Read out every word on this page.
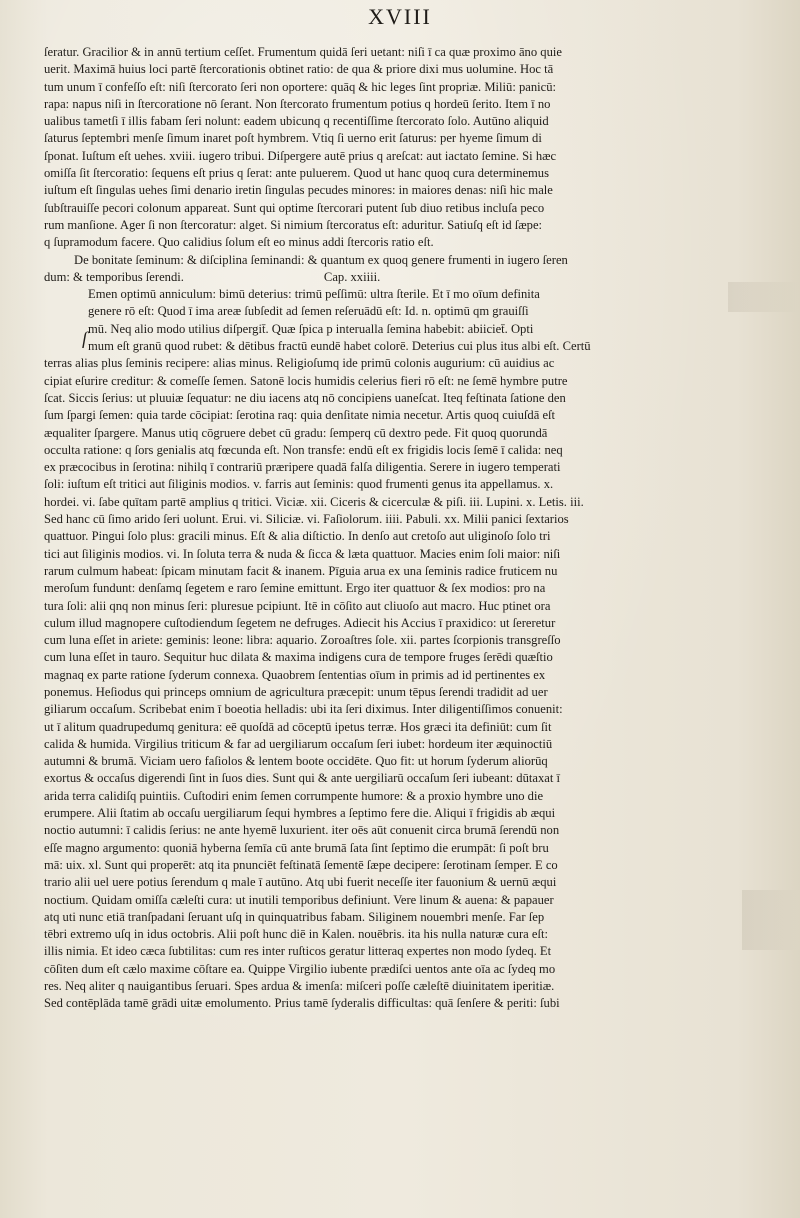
XVIII
ſ
ſeratur. Gracilior & in annū tertium ceſſet. Frumentum quidā ſeri uetant: niſi ī ca quæ proximo āno quie
uerit. Maximā huius loci partē ſtercorationis obtinet ratio: de qua & priore dixi mus uolumine. Hoc tā
tum unum ī confeſſo eſt: niſi ſtercorato ſeri non oportere: quāq & hic leges ſint propriæ. Miliū: panicū:
rapa: napus niſi in ſtercoratione nō ſerant. Non ſtercorato frumentum potius q hordeū ſerito. Item ī no
ualibus tametſi ī illis fabam ſeri nolunt: eadem ubicunq q recentiſſime ſtercorato ſolo. Autūno aliquid
ſaturus ſeptembri menſe ſimum inaret poſt hymbrem. Vtiq ſi uerno erit ſaturus: per hyeme ſimum di
ſponat. Iuſtum eſt uehes. xviii. iugero tribui. Diſpergere autē prius q areſcat: aut iactato ſemine. Si hæc
omiſſa ſit ſtercoratio: ſequens eſt prius q ſerat: ante puluerem. Quod ut hanc quoq cura determinemus
iuſtum eſt ſingulas uehes ſimi denario iretin ſingulas pecudes minores: in maiores denas: niſi hic male
ſubſtrauiſſe pecori colonum appareat. Sunt qui optime ſtercorari putent ſub diuo retibus incluſa peco
rum manſione. Ager ſi non ſtercoratur: alget. Si nimium ſtercoratus eſt: aduritur. Satiuſq eſt id ſæpe:
q ſupramodum facere. Quo calidius ſolum eſt eo minus addi ſtercoris ratio eſt.
De bonitate ſeminum: & diſciplina ſeminandi: & quantum ex quoq genere frumenti in iugero ſeren
dum: & temporibus ſerendi.	Cap. xxiiii.
Emen optimū anniculum: bimū deterius: trimū peſſimū: ultra ſterile. Et ī mo oīum definita
genere rō eſt: Quod ī ima areæ ſubſedit ad ſemen reſeruādū eſt: Id. n. optimū qm grauiſſi
mū. Neq alio modo utilius diſpergit̄. Quæ ſpica p interualla ſemina habebit: abiiciet̄. Opti
mum eſt granū quod rubet: & dētibus fractū eundē habet colorē. Deterius cui plus itus albi eſt. Certū
terras alias plus ſeminis recipere: alias minus. Religioſumq ide primū colonis augurium: cū auidius ac
cipiat eſurire creditur: & comeſſe ſemen. Satonē locis humidis celerius fieri rō eſt: ne ſemē hymbre putre
ſcat. Siccis ſerius: ut pluuiæ ſequatur: ne diu iacens atq nō concipiens uaneſcat. Iteq feſtinata ſatione den
ſum ſpargi ſemen: quia tarde cōcipiat: ſerotina raq: quia denſitate nimia necetur. Artis quoq cuiuſdā eſt
æqualiter ſpargere. Manus utiq cōgruere debet cū gradu: ſemperq cū dextro pede. Fit quoq quorundā
occulta ratione: q ſors genialis atq fœcunda eſt. Non transfe: endū eſt ex frigidis locis ſemē ī calida: neq
ex præcocibus in ſerotina: nihilq ī contrariū præripere quadā falſa diligentia. Serere in iugero temperati
ſoli: iuſtum eſt tritici aut ſiliginis modios. v. farris aut ſeminis: quod frumenti genus ita appellamus. x.
hordei. vi. ſabe quītam partē amplius q tritici. Viciæ. xii. Ciceris & cicerculæ & piſi. iii. Lupini. x. Letis. iii.
Sed hanc cū ſimo arido ſeri uolunt. Erui. vi. Siliciæ. vi. Faſiolorum. iiii. Pabuli. xx. Milii panici ſextarios
quattuor. Pingui ſolo plus: gracili minus. Eſt & alia diſtictio. In denſo aut cretoſo aut uliginoſo ſolo tri
tici aut ſiliginis modios. vi. In ſoluta terra & nuda & ſicca & læta quattuor. Macies enim ſoli maior: niſi
rarum culmum habeat: ſpicam minutam facit & inanem. Pīguia arua ex una ſeminis radice fruticem nu
meroſum fundunt: denſamq ſegetem e raro ſemine emittunt. Ergo iter quattuor & ſex modios: pro na
tura ſoli: alii qnq non minus ſeri: pluresue pcipiunt. Itē in cōſito aut cliuoſo aut macro. Huc ptinet ora
culum illud magnopere cuſtodiendum ſegetem ne defruges. Adiecit his Accius ī praxidico: ut ſereretur
cum luna eſſet in ariete: geminis: leone: libra: aquario. Zoroaſtres ſole. xii. partes ſcorpionis transgreſſo
cum luna eſſet in tauro. Sequitur huc dilata & maxima indigens cura de tempore fruges ſerēdi quæſtio
magnaq ex parte ratione ſyderum connexa. Quaobrem ſententias oīum in primis ad id pertinentes ex
ponemus. Heſiodus qui princeps omnium de agricultura præcepit: unum tēpus ſerendi tradidit ad uer
giliarum occaſum. Scribebat enim ī boeotia helladis: ubi ita ſeri diximus. Inter diligentiſſimos conuenit:
ut ī alitum quadrupedumq genitura: eē quoſdā ad cōceptū ipetus terræ. Hos græci ita definiūt: cum ſit
calida & humida. Virgilius triticum & far ad uergiliarum occaſum ſeri iubet: hordeum iter æquinoctiū
autumni & brumā. Viciam uero faſiolos & lentem boote occidēte. Quo fit: ut horum ſyderum aliorūq
exortus & occaſus digerendi ſint in ſuos dies. Sunt qui & ante uergiliarū occaſum ſeri iubeant: dūtaxat ī
arida terra calidiſq puintiis. Cuſtodiri enim ſemen corrumpente humore: & a proxio hymbre uno die
erumpere. Alii ſtatim ab occaſu uergiliarum ſequi hymbres a ſeptimo fere die. Aliqui ī frigidis ab æqui
noctio autumni: ī calidis ſerius: ne ante hyemē luxurient. iter oēs aūt conuenit circa brumā ſerendū non
eſſe magno argumento: quoniā hyberna ſemīa cū ante brumā ſata ſint ſeptimo die erumpāt: ſi poſt bru
mā: uix. xl. Sunt qui properēt: atq ita pnunciēt feſtinatā ſementē ſæpe decipere: ſerotinam ſemper. E co
trario alii uel uere potius ſerendum q male ī autūno. Atq ubi fuerit neceſſe iter fauonium & uernū æqui
noctium. Quidam omiſſa cæleſti cura: ut inutili temporibus definiunt. Vere linum & auena: & papauer
atq uti nunc etiā tranſpadani ſeruant uſq in quinquatribus fabam. Siliginem nouembri menſe. Far ſep
tēbri extremo uſq in idus octobris. Alii poſt hunc diē in Kalen. nouēbris. ita his nulla naturæ cura eſt:
illis nimia. Et ideo cæca ſubtilitas: cum res inter ruſticos geratur litteraq expertes non modo ſydeq. Et
cōſiten dum eſt cælo maxime cōſtare ea. Quippe Virgilio iubente prædiſci uentos ante oīa ac ſydeq mo
res. Neq aliter q nauigantibus ſeruari. Spes ardua & imenſa: miſceri poſſe cæleſtē diuinitatem iperitiæ.
Sed contēplāda tamē grādi uitæ emolumento. Prius tamē ſyderalis difficultas: quā ſenſere & periti: ſubi
